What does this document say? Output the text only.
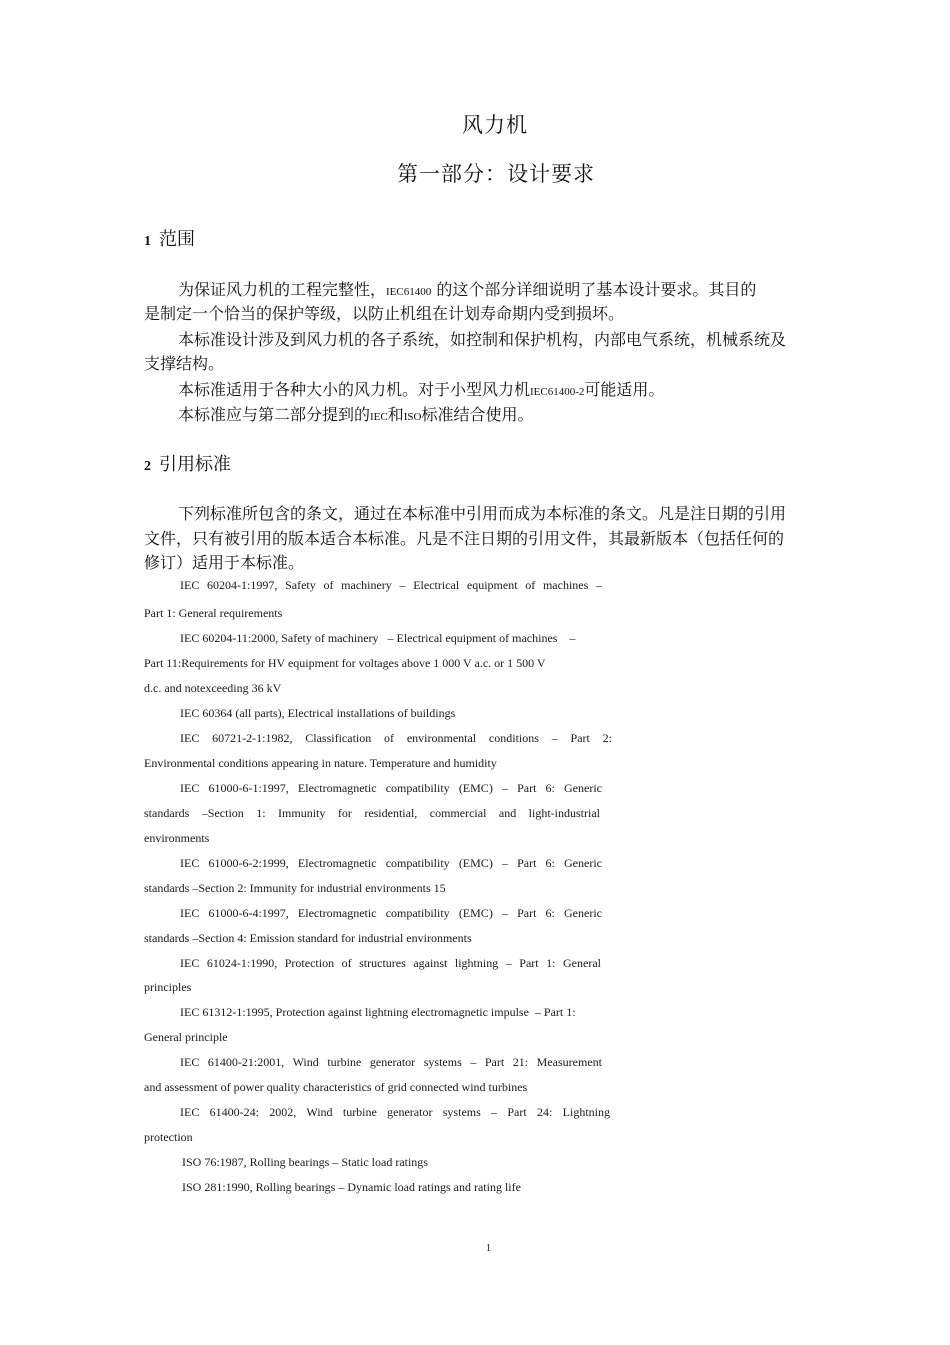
风力机
第一部分：设计要求
1 范围
为保证风力机的工程完整性，IEC61400 的这个部分详细说明了基本设计要求。其目的
是制定一个恰当的保护等级，以防止机组在计划寿命期内受到损坏。
本标准设计涉及到风力机的各子系统，如控制和保护机构，内部电气系统，机械系统及
支撑结构。
本标准适用于各种大小的风力机。对于小型风力机IEC61400-2可能适用。
本标准应与第二部分提到的IEC和ISO标准结合使用。
2 引用标准
下列标准所包含的条文，通过在本标准中引用而成为本标准的条文。凡是注日期的引用
文件，只有被引用的版本适合本标准。凡是不注日期的引用文件，其最新版本（包括任何的
修订）适用于本标准。
IEC 60204-1:1997, Safety of machinery – Electrical equipment of machines –
Part 1: General requirements
IEC 60204-11:2000, Safety of machinery   – Electrical equipment of machines    –
Part 11:Requirements for HV equipment for voltages above 1 000 V a.c. or 1 500 V
d.c. and notexceeding 36 kV
IEC 60364 (all parts), Electrical installations of buildings
IEC 60721-2-1:1982, Classification of environmental conditions – Part 2:
Environmental conditions appearing in nature. Temperature and humidity
IEC 61000-6-1:1997, Electromagnetic compatibility (EMC) – Part 6: Generic
standards –Section 1: Immunity for residential, commercial and light-industrial
environments
IEC 61000-6-2:1999, Electromagnetic compatibility (EMC) – Part 6: Generic
standards –Section 2: Immunity for industrial environments 15
IEC 61000-6-4:1997, Electromagnetic compatibility (EMC) – Part 6: Generic
standards –Section 4: Emission standard for industrial environments
IEC 61024-1:1990, Protection of structures against lightning – Part 1: General
principles
IEC 61312-1:1995, Protection against lightning electromagnetic impulse  – Part 1:
General principle
IEC 61400-21:2001, Wind turbine generator systems – Part 21: Measurement
and assessment of power quality characteristics of grid connected wind turbines
IEC 61400-24: 2002, Wind turbine generator systems – Part 24: Lightning
protection
ISO 76:1987, Rolling bearings – Static load ratings
ISO 281:1990, Rolling bearings – Dynamic load ratings and rating life
1
